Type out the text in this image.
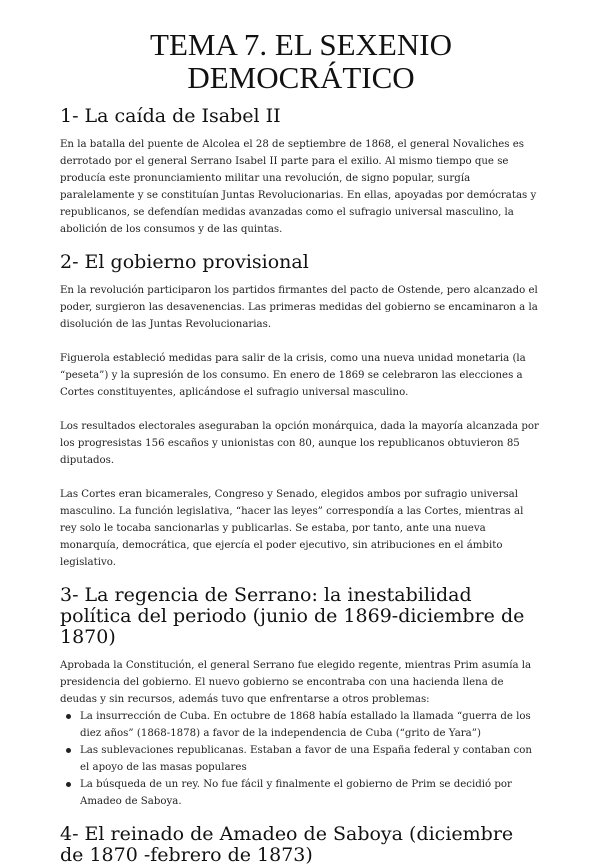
TEMA 7. EL SEXENIO DEMOCRÁTICO
1- La caída de Isabel II

En la batalla del puente de Alcolea el 28 de septiembre de 1868, el general Novaliches es derrotado por el general Serrano Isabel II parte para el exilio. Al mismo tiempo que se producía este pronunciamiento militar una revolución, de signo popular, surgía paralelamente y se constituían Juntas Revolucionarias. En ellas, apoyadas por demócratas y republicanos, se defendían medidas avanzadas como el sufragio universal masculino, la abolición de los consumos y de las quintas.

2- El gobierno provisional

En la revolución participaron los partidos firmantes del pacto de Ostende, pero alcanzado el poder, surgieron las desavenencias. Las primeras medidas del gobierno se encaminaron a la disolución de las Juntas Revolucionarias.

Figuerola estableció medidas para salir de la crisis, como una nueva unidad monetaria (la “peseta”) y la supresión de los consumo. En enero de 1869 se celebraron las elecciones a Cortes constituyentes, aplicándose el sufragio universal masculino.

Los resultados electorales aseguraban la opción monárquica, dada la mayoría alcanzada por los progresistas 156 escaños y unionistas con 80, aunque los republicanos obtuvieron 85 diputados.

Las Cortes eran bicamerales, Congreso y Senado, elegidos ambos por sufragio universal masculino. La función legislativa, “hacer las leyes” correspondía a las Cortes, mientras al rey solo le tocaba sancionarlas y publicarlas. Se estaba, por tanto, ante una nueva monarquía, democrática, que ejercía el poder ejecutivo, sin atribuciones en el ámbito legislativo.

3- La regencia de Serrano: la inestabilidad política del periodo (junio de 1869-diciembre de 1870)

Aprobada la Constitución, el general Serrano fue elegido regente, mientras Prim asumía la presidencia del gobierno. El nuevo gobierno se encontraba con una hacienda llena de deudas y sin recursos, además tuvo que enfrentarse a otros problemas:

La insurrección de Cuba. En octubre de 1868 había estallado la llamada “guerra de los diez años” (1868-1878) a favor de la independencia de Cuba (“grito de Yara”)
Las sublevaciones republicanas. Estaban a favor de una España federal y contaban con el apoyo de las masas populares
La búsqueda de un rey. No fue fácil y finalmente el gobierno de Prim se decidió por Amadeo de Saboya.
4- El reinado de Amadeo de Saboya (diciembre de 1870 -febrero de 1873)
